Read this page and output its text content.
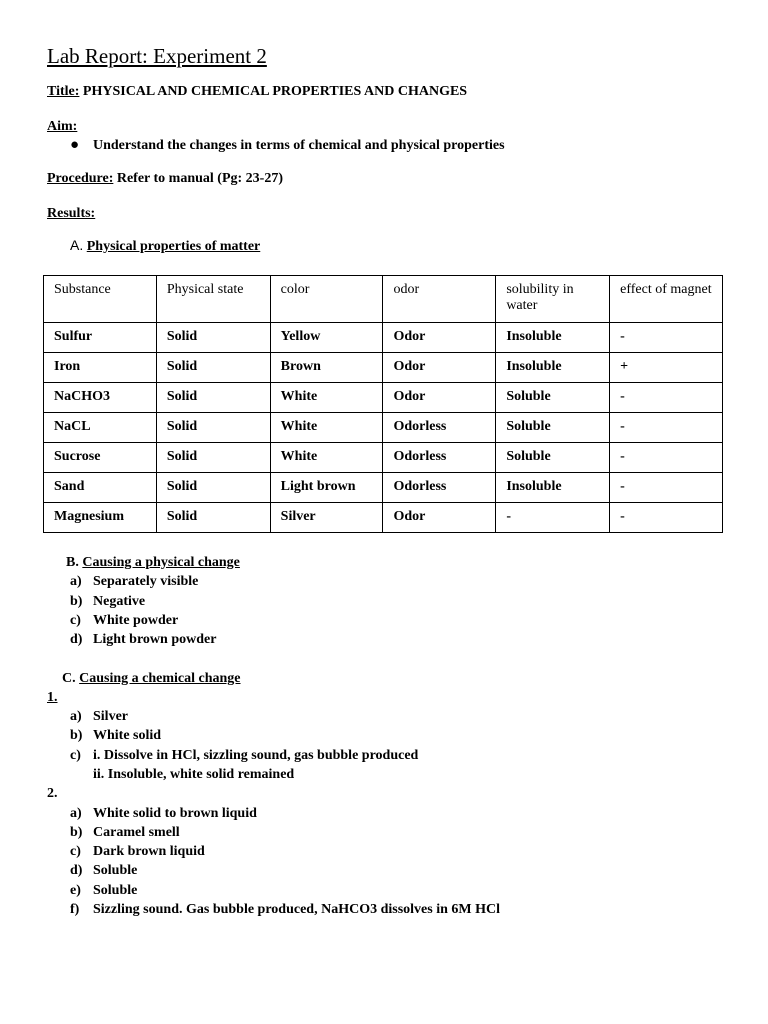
Lab Report: Experiment 2
Title: PHYSICAL AND CHEMICAL PROPERTIES AND CHANGES
Aim:
● Understand the changes in terms of chemical and physical properties
Procedure: Refer to manual (Pg: 23-27)
Results:
A. Physical properties of matter
Substance	Physical state	color	odor	solubility in water	effect of magnet
Sulfur	Solid	Yellow	Odor	Insoluble	-
Iron	Solid	Brown	Odor	Insoluble	+
NaCHO3	Solid	White	Odor	Soluble	-
NaCL	Solid	White	Odorless	Soluble	-
Sucrose	Solid	White	Odorless	Soluble	-
Sand	Solid	Light brown	Odorless	Insoluble	-
Magnesium	Solid	Silver	Odor	-	-
B. Causing a physical change
a) Separately visible
b) Negative
c) White powder
d) Light brown powder
C. Causing a chemical change
1.
a) Silver
b) White solid
c) i. Dissolve in HCl, sizzling sound, gas bubble produced
ii. Insoluble, white solid remained
2.
a) White solid to brown liquid
b) Caramel smell
c) Dark brown liquid
d) Soluble
e) Soluble
f) Sizzling sound. Gas bubble produced, NaHCO3 dissolves in 6M HCl
